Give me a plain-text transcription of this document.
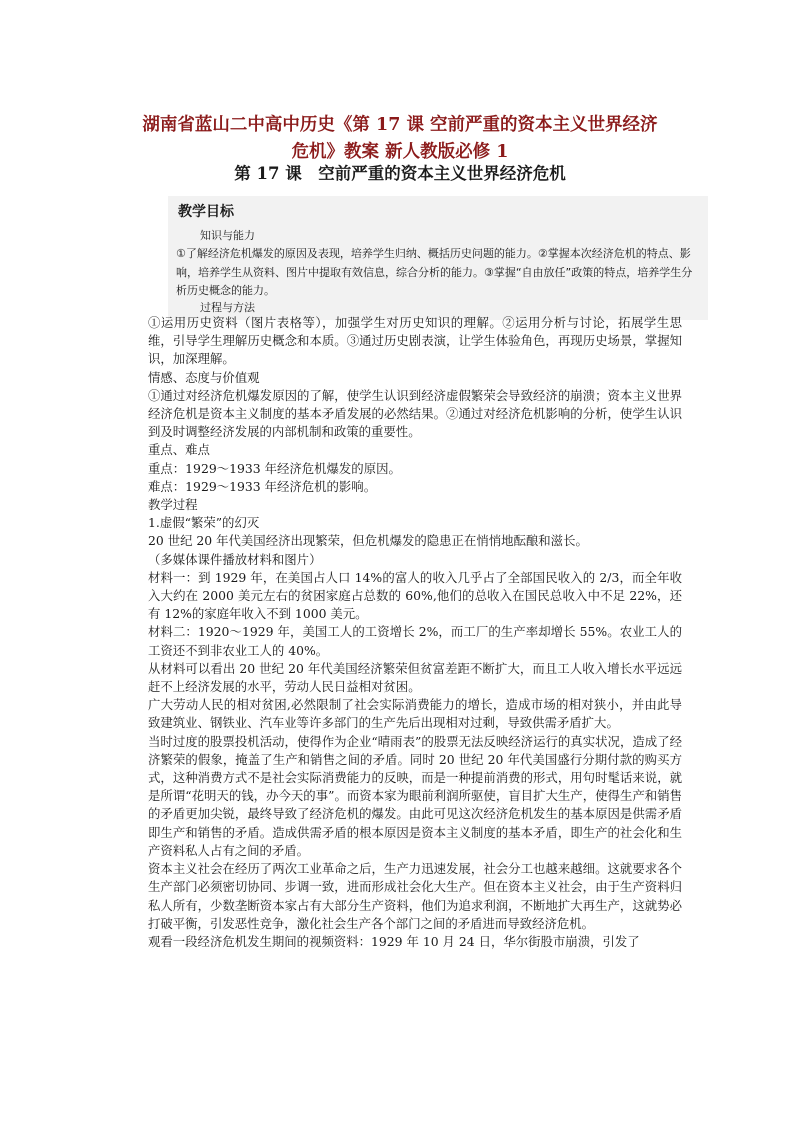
湖南省蓝山二中高中历史《第 17 课 空前严重的资本主义世界经济危机》教案 新人教版必修 1
第 17 课　空前严重的资本主义世界经济危机
教学目标
知识与能力
①了解经济危机爆发的原因及表现，培养学生归纳、概括历史问题的能力。②掌握本次经济危机的特点、影响，培养学生从资料、图片中提取有效信息，综合分析的能力。③掌握“自由放任”政策的特点，培养学生分析历史概念的能力。
过程与方法

①运用历史资料（图片表格等），加强学生对历史知识的理解。②运用分析与讨论，拓展学生思维，引导学生理解历史概念和本质。③通过历史剧表演，让学生体验角色，再现历史场景，掌握知识，加深理解。

情感、态度与价值观

①通过对经济危机爆发原因的了解，使学生认识到经济虚假繁荣会导致经济的崩溃；资本主义世界经济危机是资本主义制度的基本矛盾发展的必然结果。②通过对经济危机影响的分析，使学生认识到及时调整经济发展的内部机制和政策的重要性。

重点、难点

重点：1929～1933 年经济危机爆发的原因。

难点：1929～1933 年经济危机的影响。

教学过程

1.虚假“繁荣”的幻灭

20 世纪 20 年代美国经济出现繁荣，但危机爆发的隐患正在悄悄地酝酿和滋长。

（多媒体课件播放材料和图片）

材料一：到 1929 年，在美国占人口 14%的富人的收入几乎占了全部国民收入的 2/3，而全年收入大约在 2000 美元左右的贫困家庭占总数的 60%,他们的总收入在国民总收入中不足 22%，还有 12%的家庭年收入不到 1000 美元。

材料二：1920～1929 年，美国工人的工资增长 2%，而工厂的生产率却增长 55%。农业工人的工资还不到非农业工人的 40%。

从材料可以看出 20 世纪 20 年代美国经济繁荣但贫富差距不断扩大，而且工人收入增长水平远远赶不上经济发展的水平，劳动人民日益相对贫困。

广大劳动人民的相对贫困,必然限制了社会实际消费能力的增长，造成市场的相对狭小，并由此导致建筑业、钢铁业、汽车业等许多部门的生产先后出现相对过剩，导致供需矛盾扩大。

当时过度的股票投机活动，使得作为企业“晴雨表”的股票无法反映经济运行的真实状况，造成了经济繁荣的假象，掩盖了生产和销售之间的矛盾。同时 20 世纪 20 年代美国盛行分期付款的购买方式，这种消费方式不是社会实际消费能力的反映，而是一种提前消费的形式，用句时髦话来说，就是所谓“花明天的钱，办今天的事”。而资本家为眼前利润所驱使，盲目扩大生产，使得生产和销售的矛盾更加尖锐，最终导致了经济危机的爆发。由此可见这次经济危机发生的基本原因是供需矛盾即生产和销售的矛盾。造成供需矛盾的根本原因是资本主义制度的基本矛盾，即生产的社会化和生产资料私人占有之间的矛盾。

资本主义社会在经历了两次工业革命之后，生产力迅速发展，社会分工也越来越细。这就要求各个生产部门必须密切协同、步调一致，进而形成社会化大生产。但在资本主义社会，由于生产资料归私人所有，少数垄断资本家占有大部分生产资料，他们为追求利润，不断地扩大再生产，这就势必打破平衡，引发恶性竞争，激化社会生产各个部门之间的矛盾进而导致经济危机。

观看一段经济危机发生期间的视频资料：1929 年 10 月 24 日，华尔街股市崩溃，引发了
